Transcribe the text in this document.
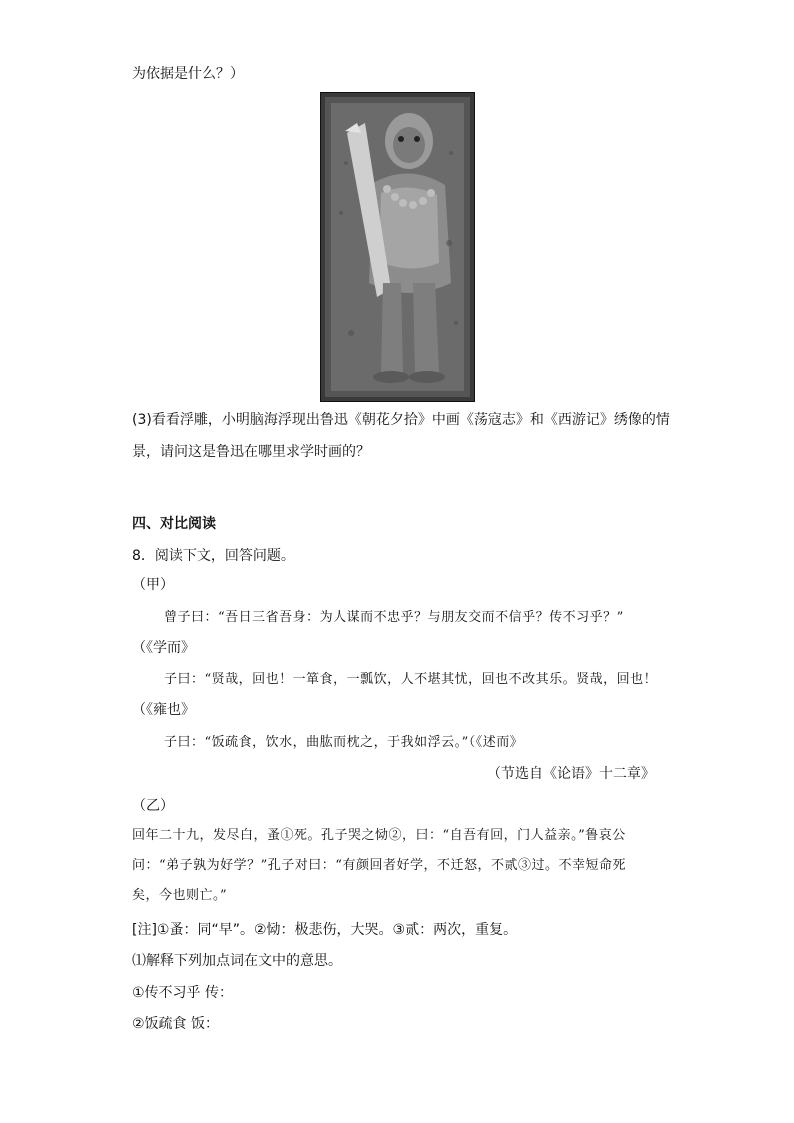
为依据是什么？）
(3)看看浮雕，小明脑海浮现出鲁迅《朝花夕拾》中画《荡寇志》和《西游记》绣像的情
景，请问这是鲁迅在哪里求学时画的？
四、对比阅读
8．阅读下文，回答问题。
（甲）
曾子曰：“吾日三省吾身：为人谋而不忠乎？与朋友交而不信乎？传不习乎？”
（《学而》
子曰：“贤哉，回也！一箪食，一瓢饮，人不堪其忧，回也不改其乐。贤哉，回也！
（《雍也》
子曰：“饭疏食，饮水，曲肱而枕之，于我如浮云。”（《述而》
（节选自《论语》十二章》
（乙）
回年二十九，发尽白，蚤①死。孔子哭之恸②，曰：“自吾有回，门人益亲。”鲁哀公
问：“弟子孰为好学？”孔子对曰：“有颜回者好学，不迁怒，不贰③过。不幸短命死
矣，今也则亡。”
[注]①蚤：同“早”。②恸：极悲伤，大哭。③贰：两次，重复。
⑴解释下列加点词在文中的意思。
①传不习乎 传：
②饭疏食 饭：
